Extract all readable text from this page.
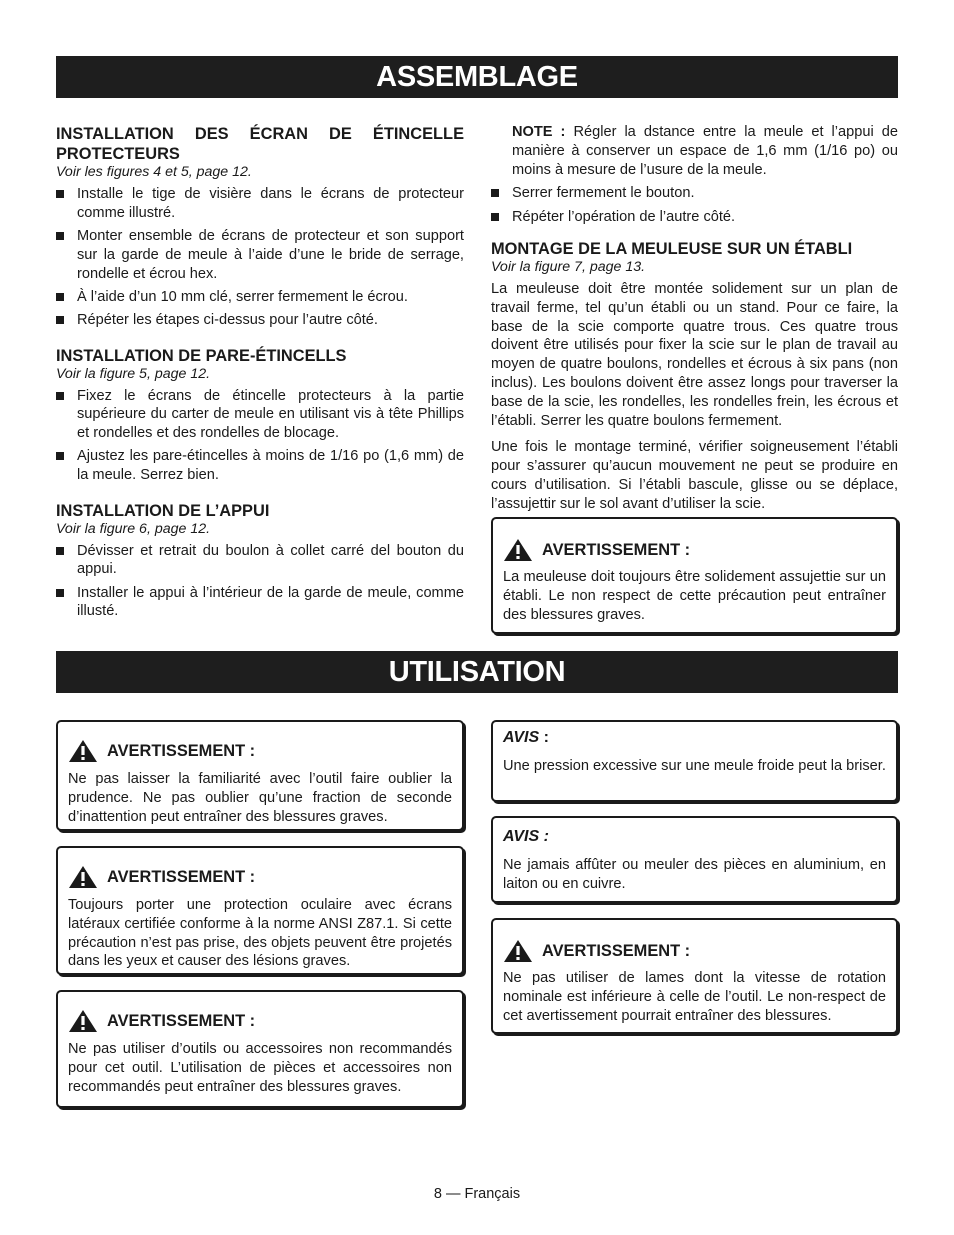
ASSEMBLAGE
INSTALLATION DES ÉCRAN DE ÉTINCELLE PROTECTEURS
Voir les figures 4 et 5, page 12.
Installe le tige de visière dans le écrans de protecteur comme illustré.
Monter ensemble de écrans de protecteur et son support sur la garde de meule à l’aide d’une le bride de serrage, rondelle et écrou hex.
À l’aide d’un 10 mm clé, serrer fermement le écrou.
Répéter les étapes ci-dessus pour l’autre côté.
INSTALLATION DE PARE-ÉTINCELLS
Voir la figure 5, page 12.
Fixez le écrans de étincelle protecteurs à la partie supérieure du carter de meule en utilisant vis à tête Phillips et rondelles et des rondelles de blocage.
Ajustez les pare-étincelles à moins de 1/16 po (1,6 mm) de la meule. Serrez bien.
INSTALLATION DE L’APPUI
Voir la figure 6, page 12.
Dévisser et retrait du boulon à collet carré del bouton du appui.
Installer le appui à l’intérieur de la garde de meule, comme illusté.

NOTE : Régler la dstance entre la meule et l’appui de manière à conserver un espace de 1,6 mm (1/16 po) ou moins à mesure de l’usure de la meule.

Serrer fermement le bouton.
Répéter l’opération de l’autre côté.
MONTAGE DE LA MEULEUSE SUR UN ÉTABLI
Voir la figure 7, page 13.

La meuleuse doit être montée solidement sur un plan de travail ferme, tel qu’un établi ou un stand. Pour ce faire, la base de la scie comporte quatre trous. Ces quatre trous doivent être utilisés pour fixer la scie sur le plan de travail au moyen de quatre boulons, rondelles et écrous à six pans (non inclus). Les boulons doivent être assez longs pour traverser la base de la scie, les rondelles, les rondelles frein, les écrous et l’établi. Serrer les quatre boulons fermement.

Une fois le montage terminé, vérifier soigneusement l’établi pour s’assurer qu’aucun mouvement ne peut se produire en cours d’utilisation. Si l’établi bascule, glisse ou se déplace, l’assujettir sur le sol avant d’utiliser la scie.

AVERTISSEMENT :
La meuleuse doit toujours être solidement assujettie sur un établi. Le non respect de cette précaution peut entraîner des blessures graves.
UTILISATION
AVERTISSEMENT :
Ne pas laisser la familiarité avec l’outil faire oublier la prudence. Ne pas oublier qu’une fraction de seconde d’inattention peut entraîner des blessures graves.
AVERTISSEMENT :
Toujours porter une protection oculaire avec écrans latéraux certifiée conforme à la norme ANSI Z87.1. Si cette précaution n’est pas prise, des objets peuvent être projetés dans les yeux et causer des lésions graves.
AVERTISSEMENT :
Ne pas utiliser d’outils ou accessoires non recommandés pour cet outil. L’utilisation de pièces et accessoires non recommandés peut entraîner des blessures graves.
AVIS :
Une pression excessive sur une meule froide peut la briser.
AVIS :
Ne jamais affûter ou meuler des pièces en aluminium, en laiton ou en cuivre.
AVERTISSEMENT :
Ne pas utiliser de lames dont la vitesse de rotation nominale est inférieure à celle de l’outil. Le non-respect de cet avertissement pourrait entraîner des blessures.
8 — Français
